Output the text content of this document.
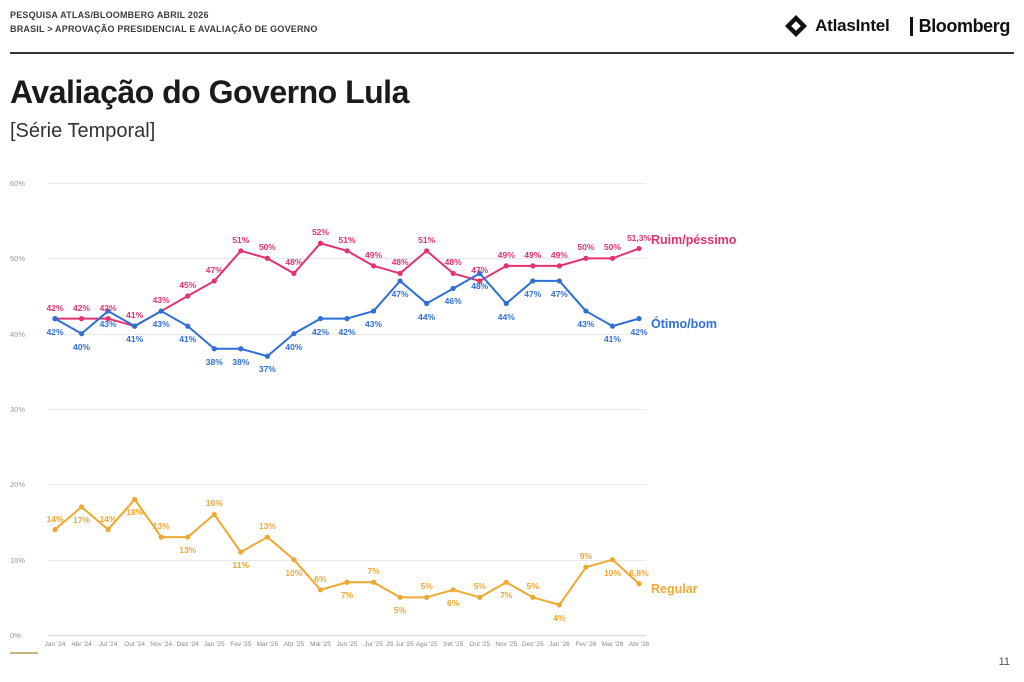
PESQUISA ATLAS/BLOOMBERG ABRIL 2026
BRASIL > APROVAÇÃO PRESIDENCIAL E AVALIAÇÃO DE GOVERNO	AtlasIntel Bloomberg
Avaliação do Governo Lula
[Série Temporal]
0%
10%
20%
30%
40%
50%
60%
Jan '24 Abr '24 Jul '24 Out '24 Nov '24 Dez '24 Jan '25 Fev '25 Mar '25 Abr '25 Mai '25 Jun '25 Jul '25 28 Jul '25 Ago '25 Set '25 Out '25 Nov '25 Dez '25 Jan '26 Fev '26 Mar '26 Abr '26
42% 42% 42%
41%
43%
45%
47%
51%
50%
48%
52%
51%
49%
48%
51%
48%
47%
49% 49% 49%
50% 50%
51,3%
42%
40%
43%
41%
43%
41%
38% 38%
37%
40%
42% 42%
43%
47%
44%
46%
48%
44%
47% 47%
43%
41%
42%
14% 17% 14%
18%
13%
13%
16%
11%
13%
10%
6%
7%
7%
5%
5%
6%
5%
7%
5%
4%
9%
10% 6,8%
Ruim/péssimo
Ótimo/bom
Regular
11
